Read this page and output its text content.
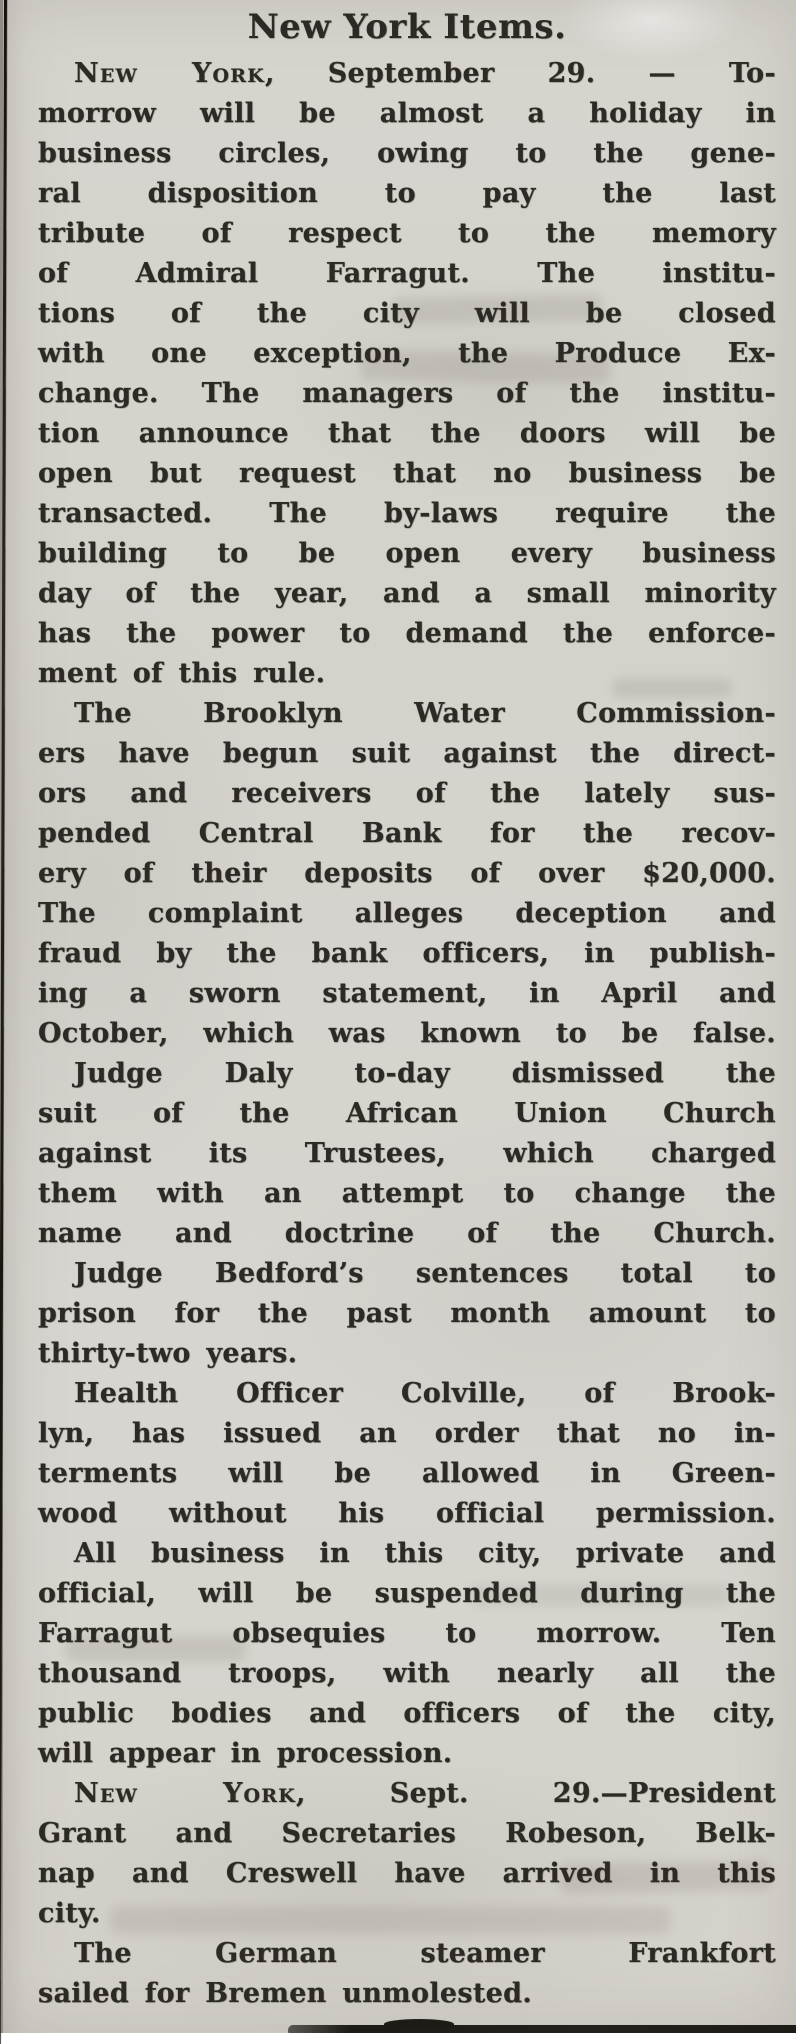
New York Items.
New York, September 29. — To-
morrow will be almost a holiday in
business circles, owing to the gene-
ral disposition to pay the last
tribute of respect to the memory
of Admiral Farragut. The institu-
tions of the city will be closed
with one exception, the Produce Ex-
change. The managers of the institu-
tion announce that the doors will be
open but request that no business be
transacted. The by-laws require the
building to be open every business
day of the year, and a small minority
has the power to demand the enforce-
ment of this rule.
The Brooklyn Water Commission-
ers have begun suit against the direct-
ors and receivers of the lately sus-
pended Central Bank for the recov-
ery of their deposits of over $20,000.
The complaint alleges deception and
fraud by the bank officers, in publish-
ing a sworn statement, in April and
October, which was known to be false.
Judge Daly to-day dismissed the
suit of the African Union Church
against its Trustees, which charged
them with an attempt to change the
name and doctrine of the Church.
Judge Bedford’s sentences total to
prison for the past month amount to
thirty-two years.
Health Officer Colville, of Brook-
lyn, has issued an order that no in-
terments will be allowed in Green-
wood without his official permission.
All business in this city, private and
official, will be suspended during the
Farragut obsequies to morrow. Ten
thousand troops, with nearly all the
public bodies and officers of the city,
will appear in procession.
New York, Sept. 29.—President
Grant and Secretaries Robeson, Belk-
nap and Creswell have arrived in this
city.
The German steamer Frankfort
sailed for Bremen unmolested.
